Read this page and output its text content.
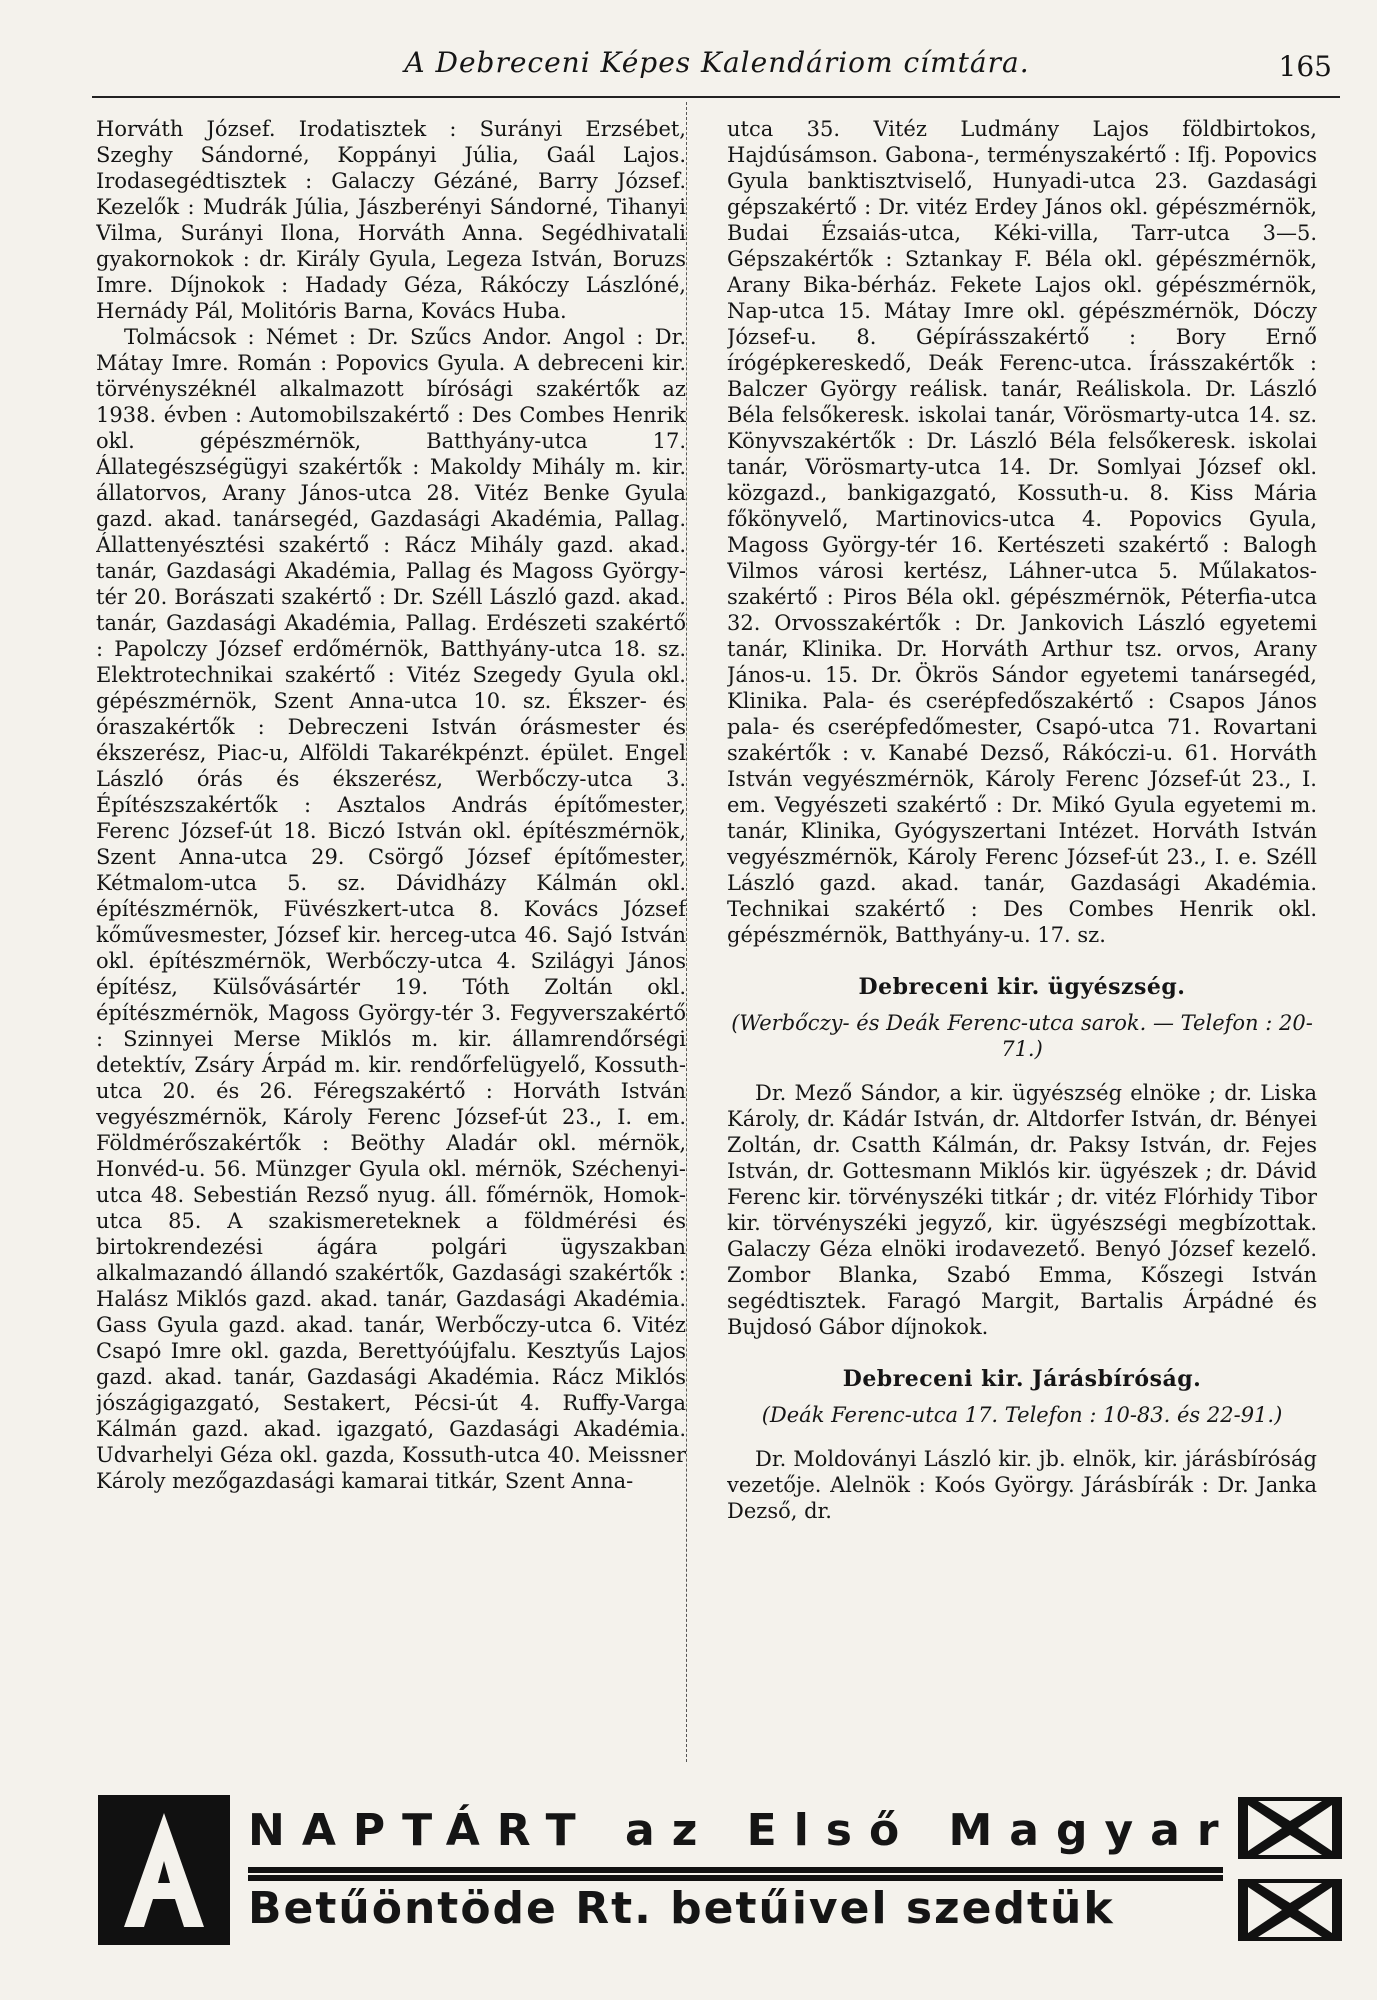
A Debreceni Képes Kalendáriom címtára.	165

Horváth József. Irodatisztek : Surányi Erzsébet, Szeghy Sándorné, Koppányi Júlia, Gaál Lajos. Irodasegédtisztek : Galaczy Gézáné, Barry József. Kezelők : Mudrák Júlia, Jászberényi Sándorné, Tihanyi Vilma, Surányi Ilona, Horváth Anna. Segédhivatali gyakornokok : dr. Király Gyula, Legeza István, Boruzs Imre. Díjnokok : Hadady Géza, Rákóczy Lászlóné, Hernády Pál, Molitóris Barna, Kovács Huba.

Tolmácsok : Német : Dr. Szűcs Andor. Angol : Dr. Mátay Imre. Román : Popovics Gyula. A debreceni kir. törvényszéknél alkalmazott bírósági szakértők az 1938. évben : Automobilszakértő : Des Combes Henrik okl. gépészmérnök, Batthyány-utca 17. Állategészségügyi szakértők : Makoldy Mihály m. kir. állatorvos, Arany János-utca 28. Vitéz Benke Gyula gazd. akad. tanársegéd, Gazdasági Akadémia, Pallag. Állattenyésztési szakértő : Rácz Mihály gazd. akad. tanár, Gazdasági Akadémia, Pallag és Magoss György-tér 20. Borászati szakértő : Dr. Széll László gazd. akad. tanár, Gazdasági Akadémia, Pallag. Erdészeti szakértő : Papolczy József erdőmérnök, Batthyány-utca 18. sz. Elektrotechnikai szakértő : Vitéz Szegedy Gyula okl. gépészmérnök, Szent Anna-utca 10. sz. Ékszer- és óraszakértők : Debreczeni István órásmester és ékszerész, Piac-u, Alföldi Takarékpénzt. épület. Engel László órás és ékszerész, Werbőczy-utca 3. Építészszakértők : Asztalos András építőmester, Ferenc József-út 18. Biczó István okl. építészmérnök, Szent Anna-utca 29. Csörgő József építőmester, Kétmalom-utca 5. sz. Dávidházy Kálmán okl. építészmérnök, Füvészkert-utca 8. Kovács József kőművesmester, József kir. herceg-utca 46. Sajó István okl. építészmérnök, Werbőczy-utca 4. Szilágyi János építész, Külsővásártér 19. Tóth Zoltán okl. építészmérnök, Magoss György-tér 3. Fegyverszakértő : Szinnyei Merse Miklós m. kir. államrendőrségi detektív, Zsáry Árpád m. kir. rendőrfelügyelő, Kossuth-utca 20. és 26. Féregszakértő : Horváth István vegyészmérnök, Károly Ferenc József-út 23., I. em. Földmérőszakértők : Beöthy Aladár okl. mérnök, Honvéd-u. 56. Münzger Gyula okl. mérnök, Széchenyi-utca 48. Sebestián Rezső nyug. áll. főmérnök, Homok-utca 85. A szakismereteknek a földmérési és birtokrendezési ágára polgári ügyszakban alkalmazandó állandó szakértők, Gazdasági szakértők : Halász Miklós gazd. akad. tanár, Gazdasági Akadémia. Gass Gyula gazd. akad. tanár, Werbőczy-utca 6. Vitéz Csapó Imre okl. gazda, Berettyóújfalu. Kesztyűs Lajos gazd. akad. tanár, Gazdasági Akadémia. Rácz Miklós jószágigazgató, Sestakert, Pécsi-út 4. Ruffy-Varga Kálmán gazd. akad. igazgató, Gazdasági Akadémia. Udvarhelyi Géza okl. gazda, Kossuth-utca 40. Meissner Károly mezőgazdasági kamarai titkár, Szent Anna-

utca 35. Vitéz Ludmány Lajos földbirtokos, Hajdúsámson. Gabona-, terményszakértő : Ifj. Popovics Gyula banktisztviselő, Hunyadi-utca 23. Gazdasági gépszakértő : Dr. vitéz Erdey János okl. gépészmérnök, Budai Ézsaiás-utca, Kéki-villa, Tarr-utca 3—5. Gépszakértők : Sztankay F. Béla okl. gépészmérnök, Arany Bika-bérház. Fekete Lajos okl. gépészmérnök, Nap-utca 15. Mátay Imre okl. gépészmérnök, Dóczy József-u. 8. Gépírásszakértő : Bory Ernő írógépkereskedő, Deák Ferenc-utca. Írásszakértők : Balczer György reálisk. tanár, Reáliskola. Dr. László Béla felsőkeresk. iskolai tanár, Vörösmarty-utca 14. sz. Könyvszakértők : Dr. László Béla felsőkeresk. iskolai tanár, Vörösmarty-utca 14. Dr. Somlyai József okl. közgazd., bankigazgató, Kossuth-u. 8. Kiss Mária főkönyvelő, Martinovics-utca 4. Popovics Gyula, Magoss György-tér 16. Kertészeti szakértő : Balogh Vilmos városi kertész, Láhner-utca 5. Műlakatos-szakértő : Piros Béla okl. gépészmérnök, Péterfia-utca 32. Orvosszakértők : Dr. Jankovich László egyetemi tanár, Klinika. Dr. Horváth Arthur tsz. orvos, Arany János-u. 15. Dr. Ökrös Sándor egyetemi tanársegéd, Klinika. Pala- és cserépfedőszakértő : Csapos János pala- és cserépfedőmester, Csapó-utca 71. Rovartani szakértők : v. Kanabé Dezső, Rákóczi-u. 61. Horváth István vegyészmérnök, Károly Ferenc József-út 23., I. em. Vegyészeti szakértő : Dr. Mikó Gyula egyetemi m. tanár, Klinika, Gyógyszertani Intézet. Horváth István vegyészmérnök, Károly Ferenc József-út 23., I. e. Széll László gazd. akad. tanár, Gazdasági Akadémia. Technikai szakértő : Des Combes Henrik okl. gépészmérnök, Batthyány-u. 17. sz.

Debreceni kir. ügyészség.
(Werbőczy- és Deák Ferenc-utca sarok. — Telefon : 20-71.)

Dr. Mező Sándor, a kir. ügyészség elnöke ; dr. Liska Károly, dr. Kádár István, dr. Altdorfer István, dr. Bényei Zoltán, dr. Csatth Kálmán, dr. Paksy István, dr. Fejes István, dr. Gottesmann Miklós kir. ügyészek ; dr. Dávid Ferenc kir. törvényszéki titkár ; dr. vitéz Flórhidy Tibor kir. törvényszéki jegyző, kir. ügyészségi megbízottak. Galaczy Géza elnöki irodavezető. Benyó József kezelő. Zombor Blanka, Szabó Emma, Kőszegi István segédtisztek. Faragó Margit, Bartalis Árpádné és Bujdosó Gábor díjnokok.

Debreceni kir. Járásbíróság.
(Deák Ferenc-utca 17. Telefon : 10-83. és 22-91.)

Dr. Moldoványi László kir. jb. elnök, kir. járásbíróság vezetője. Alelnök : Koós György. Járásbírák : Dr. Janka Dezső, dr.

NAPTÁRT az Első Magyar
Betűöntöde Rt. betűivel szedtük
